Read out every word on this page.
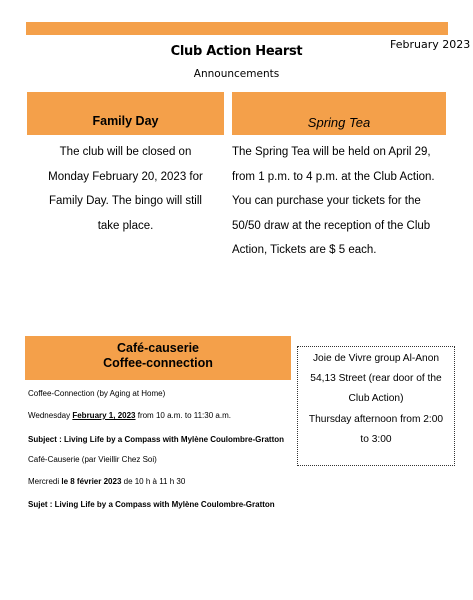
February 2023
Club Action Hearst
Announcements
Family Day
The club will be closed on
Monday February 20, 2023 for
Family Day. The bingo will still
take place.
Spring Tea
The Spring Tea will be held on April 29,
from 1 p.m. to 4 p.m. at the Club Action.
You can purchase your tickets for the
50/50 draw at the reception of the Club
Action, Tickets are $ 5 each.
Café-causerie
Coffee-connection
Coffee-Connection (by Aging at Home)
Wednesday February 1, 2023 from 10 a.m. to 11:30 a.m.
Subject : Living Life by a Compass with Mylène Coulombre-Gratton
Café-Causerie (par Vieillir Chez Soi)
Mercredi le 8 février 2023 de 10 h à 11 h 30
Sujet : Living Life by a Compass with Mylène Coulombre-Gratton

Joie de Vivre group Al-Anon

54,13 Street (rear door of the

Club Action)

Thursday afternoon from 2:00

to 3:00
